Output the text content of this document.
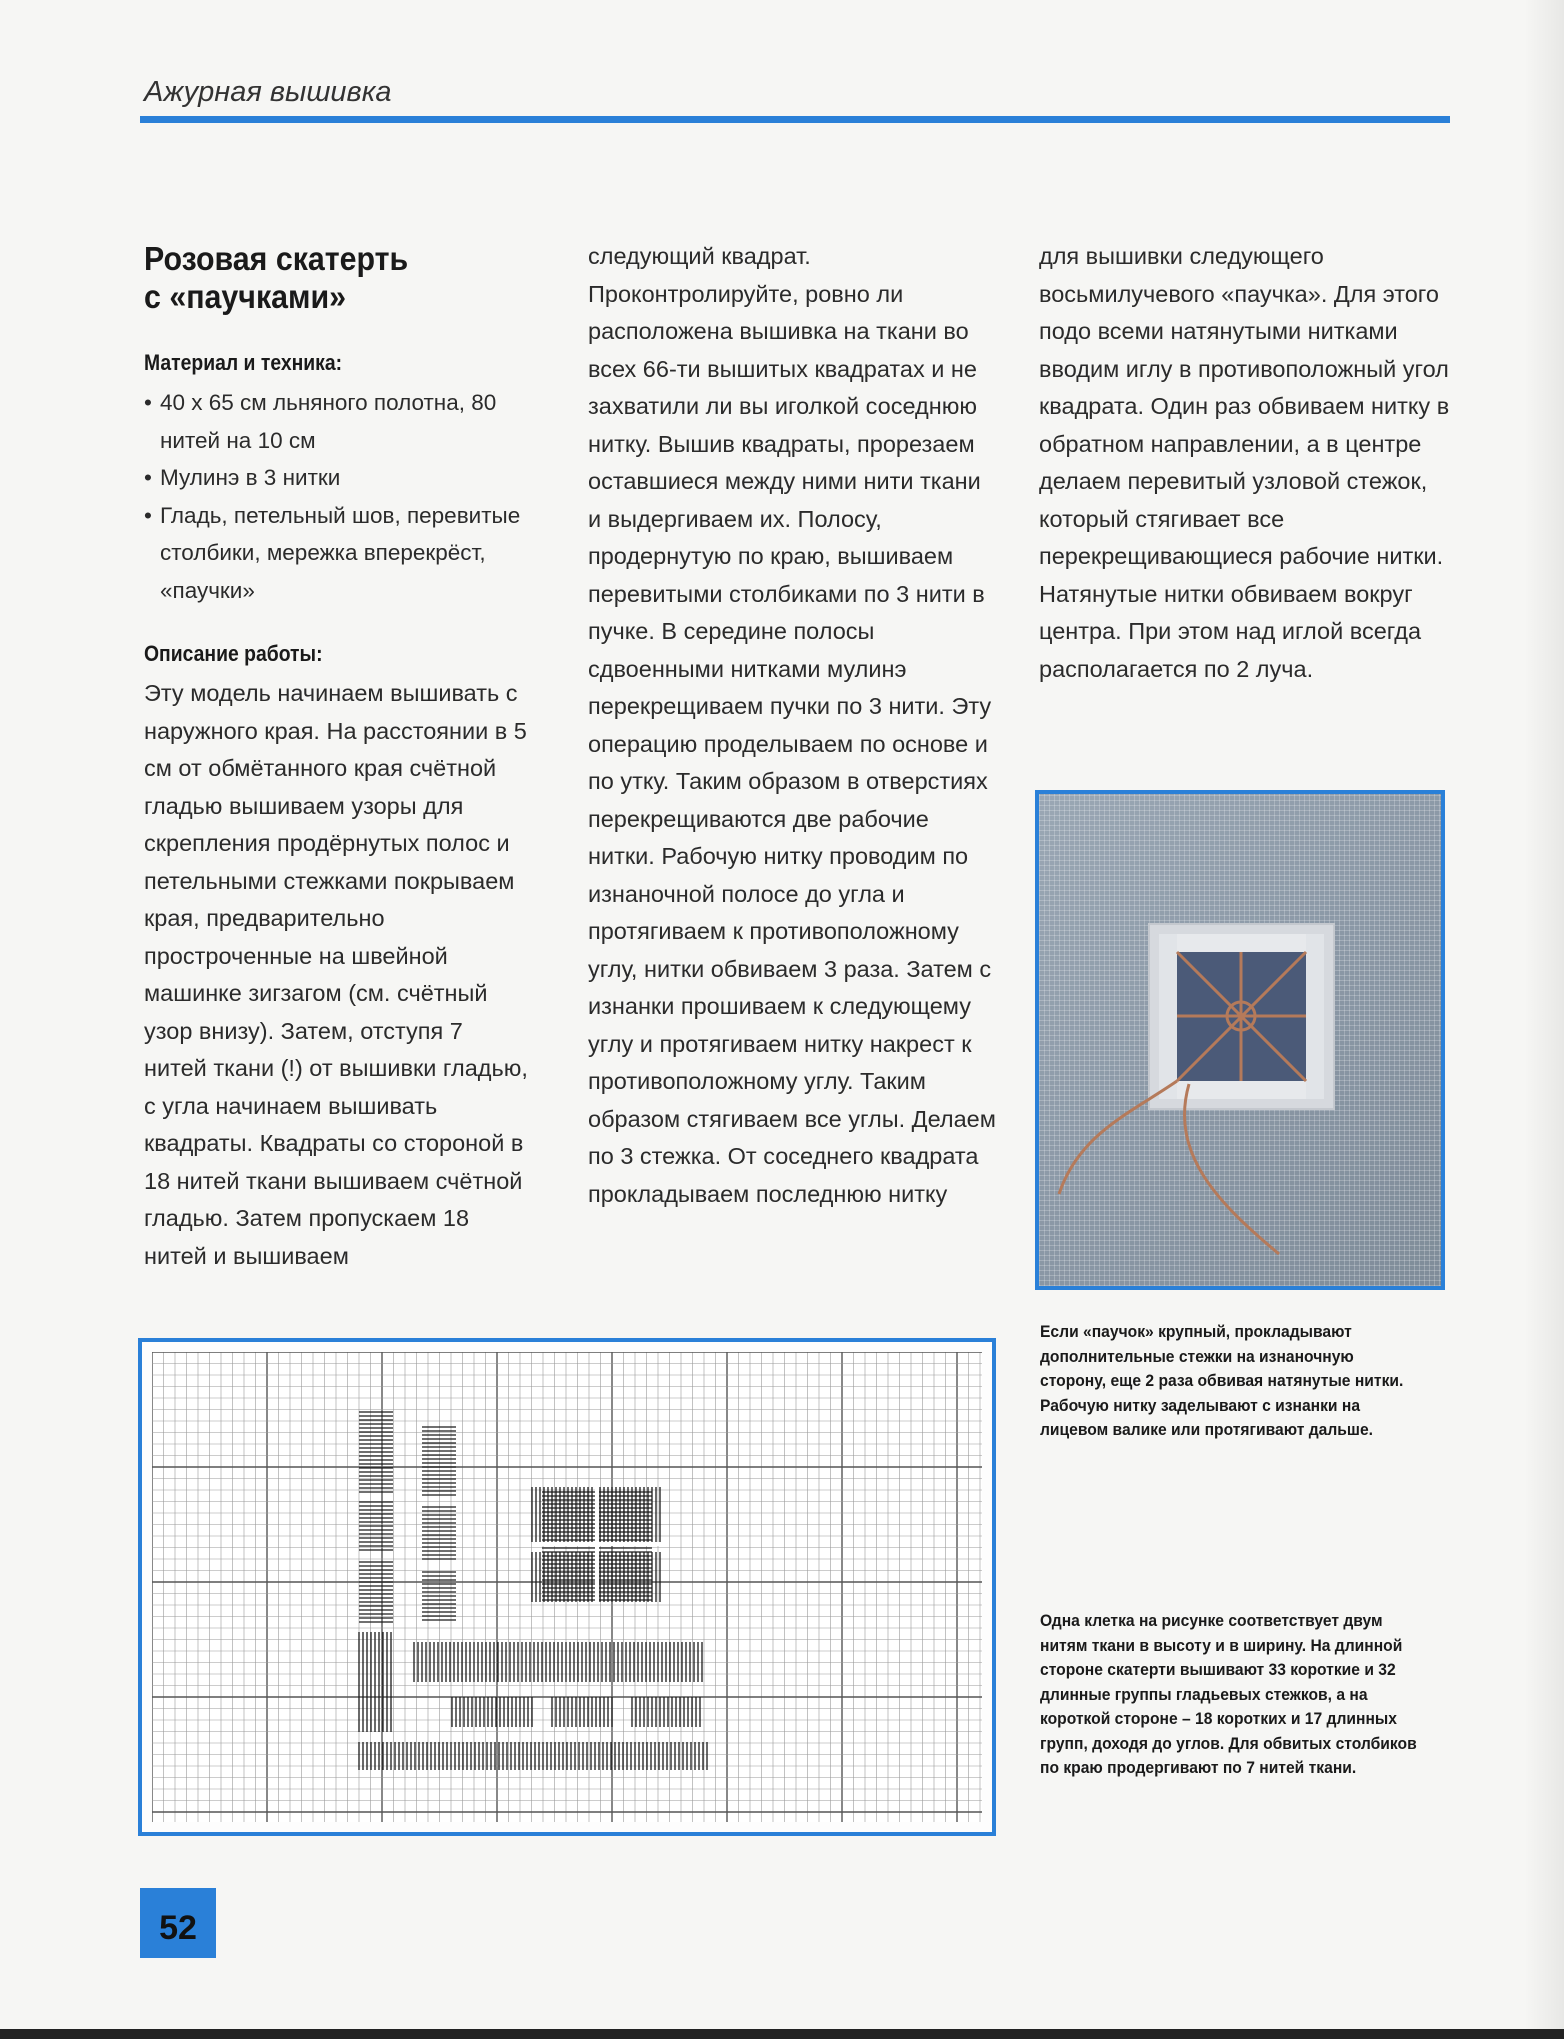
Ажурная вышивка
Розовая скатерть
с «паучками»
Материал и техника:
• 40 x 65 см льняного полотна, 80 нитей на 10 см
• Мулинэ в 3 нитки
• Гладь, петельный шов, перевитые столбики, мережка вперекрёст, «паучки»
Описание работы:

Эту модель начинаем вышивать с наружного края. На расстоянии в 5 см от обмётанного края счётной гладью вышиваем узоры для скрепления продёрнутых полос и петельными стежками покрываем края, предварительно простроченные на швейной машинке зигзагом (см. счётный узор внизу). Затем, отступя 7 нитей ткани (!) от вышивки гладью, с угла начинаем вышивать квадраты. Квадраты со стороной в 18 нитей ткани вышиваем счётной гладью. Затем пропускаем 18 нитей и вышиваем

следующий квадрат. Проконтролируйте, ровно ли расположена вышивка на ткани во всех 66-ти вышитых квадратах и не захватили ли вы иголкой соседнюю нитку. Вышив квадраты, прорезаем оставшиеся между ними нити ткани и выдергиваем их. Полосу, продернутую по краю, вышиваем перевитыми столбиками по 3 нити в пучке. В середине полосы сдвоенными нитками мулинэ перекрещиваем пучки по 3 нити. Эту операцию проделываем по основе и по утку. Таким образом в отверстиях перекрещиваются две рабочие нитки. Рабочую нитку проводим по изнаночной полосе до угла и протягиваем к противоположному углу, нитки обвиваем 3 раза. Затем с изнанки прошиваем к следующему углу и протягиваем нитку накрест к противоположному углу. Таким образом стягиваем все углы. Делаем по 3 стежка. От соседнего квадрата прокладываем последнюю нитку

для вышивки следующего восьмилучевого «паучка». Для этого подо всеми натянутыми нитками вводим иглу в противоположный угол квадрата. Один раз обвиваем нитку в обратном направлении, а в центре делаем перевитый узловой стежок, который стягивает все перекрещивающиеся рабочие нитки. Натянутые нитки обвиваем вокруг центра. При этом над иглой всегда располагается по 2 луча.

Если «паучок» крупный, прокладывают дополнительные стежки на изнаночную сторону, еще 2 раза обвивая натянутые нитки. Рабочую нитку заделывают с изнанки на лицевом валике или протягивают дальше.
Одна клетка на рисунке соответствует двум нитям ткани в высоту и в ширину. На длинной стороне скатерти вышивают 33 короткие и 32 длинные группы гладьевых стежков, а на короткой стороне – 18 коротких и 17 длинных групп, доходя до углов. Для обвитых столбиков по краю продергивают по 7 нитей ткани.
52
